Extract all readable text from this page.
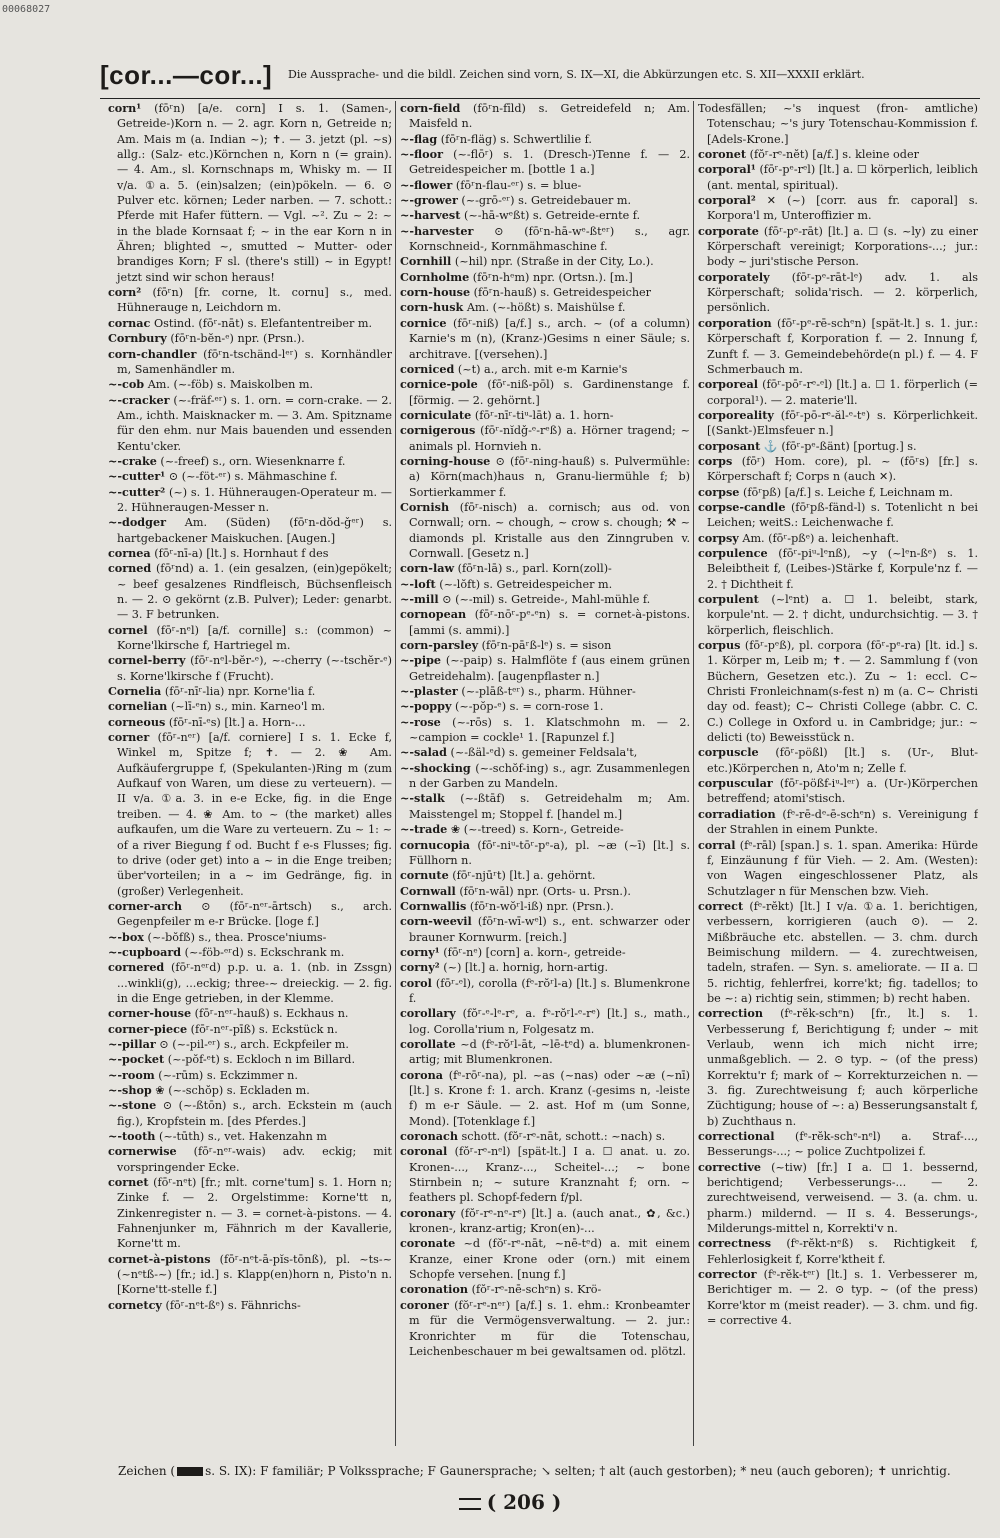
00068027
[cor...—cor...] Die Aussprache- und die bildl. Zeichen sind vorn, S. IX—XI, die Abkürzungen etc. S. XII—XXXII erklärt.

corn¹ (fōʳn) [a/e. corn] I s. 1. (Samen-, Getreide-)Korn n. — 2. agr. Korn n, Getreide n; Am. Mais m (a. Indian ~); ✝. — 3. jetzt (pl. ~s) allg.: (Salz- etc.)Körnchen n, Korn n (= grain). — 4. Am., sl. Kornschnaps m, Whisky m. — II v/a. ①a. 5. (ein)salzen; (ein)pökeln. — 6. ⊙ Pulver etc. körnen; Leder narben. — 7. schott.: Pferde mit Hafer füttern. — Vgl. ~². Zu ~ 2: ~ in the blade Kornsaat f; ~ in the ear Korn n in Ähren; blighted ~, smutted ~ Mutter- oder brandiges Korn; F sl. (there's still) ~ in Egypt! jetzt sind wir schon heraus!

corn² (fōʳn) [fr. corne, lt. cornu] s., med. Hühnerauge n, Leichdorn m.

cornac Ostind. (fōʳ-nāt) s. Elefantentreiber m.

Cornbury (fōʳn-bĕn-ᵉ) npr. (Prsn.).

corn-chandler (fōʳn-tschänd-lᵉʳ) s. Kornhändler m, Samenhändler m.

~-cob Am. (~-föb) s. Maiskolben m.

~-cracker (~-fräf-ᵉʳ) s. 1. orn. = corn-crake. — 2. Am., ichth. Maisknacker m. — 3. Am. Spitzname für den ehm. nur Mais bauenden und essenden Kentu'cker.

~-crake (~-freef) s., orn. Wiesenknarre f.

~-cutter¹ ⊙ (~-föt-ᵉʳ) s. Mähmaschine f.

~-cutter² (~) s. 1. Hühneraugen-Operateur m. — 2. Hühneraugen-Messer n.

~-dodger Am. (Süden) (fōʳn-dŏd-ǧᵉʳ) s. hartgebackener Maiskuchen. [Augen.]

cornea (fōʳ-nī-a) [lt.] s. Hornhaut f des

corned (fōʳnd) a. 1. (ein gesalzen, (ein)gepökelt; ~ beef gesalzenes Rindfleisch, Büchsenfleisch n. — 2. ⊙ gekörnt (z.B. Pulver); Leder: genarbt. — 3. F betrunken.

cornel (fōʳ-nᵉl) [a/f. cornille] s.: (common) ~ Korne'lkirsche f, Hartriegel m.

cornel-berry (fōʳ-nᵉl-bĕr-ᵉ), ~-cherry (~-tschĕr-ᵉ) s. Korne'lkirsche f (Frucht).

Cornelia (fōʳ-nīʳ-lia) npr. Korne'lia f.

cornelian (~lī-ᵉn) s., min. Karneo'l m.

corneous (fōʳ-nī-ᵉs) [lt.] a. Horn-...

corner (fōʳ-nᵉʳ) [a/f. corniere] I s. 1. Ecke f, Winkel m, Spitze f; ✝. — 2. ❀ Am. Aufkäufergruppe f, (Spekulanten-)Ring m (zum Aufkauf von Waren, um diese zu verteuern). — II v/a. ①a. 3. in e-e Ecke, fig. in die Enge treiben. — 4. ❀ Am. to ~ (the market) alles aufkaufen, um die Ware zu verteuern. Zu ~ 1: ~ of a river Biegung f od. Bucht f e-s Flusses; fig. to drive (oder get) into a ~ in die Enge treiben; über'vorteilen; in a ~ im Gedränge, fig. in (großer) Verlegenheit.

corner-arch ⊙ (fōʳ-nᵉʳ-ārtsch) s., arch. Gegenpfeiler m e-r Brücke. [loge f.]

~-box (~-bŏfß) s., thea. Prosce'niums-

~-cupboard (~-föb-ᵉʳd) s. Eckschrank m.

cornered (fōʳ-nᵉʳd) p.p. u. a. 1. (nb. in Zssgn) ...winkli(g), ...eckig; three-~ dreieckig. — 2. fig. in die Enge getrieben, in der Klemme.

corner-house (fōʳ-nᵉʳ-hauß) s. Eckhaus n.

corner-piece (fōʳ-nᵉʳ-pīß) s. Eckstück n.

~-pillar ⊙ (~-pil-ᵉʳ) s., arch. Eckpfeiler m.

~-pocket (~-pŏf-ᵉt) s. Eckloch n im Billard.

~-room (~-rūm) s. Eckzimmer n.

~-shop ❀ (~-schŏp) s. Eckladen m.

~-stone ⊙ (~-ßtōn) s., arch. Eckstein m (auch fig.), Kropfstein m. [des Pferdes.]

~-tooth (~-tūth) s., vet. Hakenzahn m

cornerwise (fōʳ-nᵉʳ-wais) adv. eckig; mit vorspringender Ecke.

cornet (fōʳ-nᵉt) [fr.; mlt. corne'tum] s. 1. Horn n; Zinke f. — 2. Orgelstimme: Korne'tt n, Zinkenregister n. — 3. = cornet-à-pistons. — 4. Fahnenjunker m, Fähnrich m der Kavallerie, Korne'tt m.

cornet-à-pistons (fōʳ-nᵉt-ā-pĭs-tōnß), pl. ~ts-~ (~nᵉtß-~) [fr.; id.] s. Klapp(en)horn n, Pisto'n n. [Korne'tt-stelle f.]

cornetcy (fōʳ-nᵉt-ßᵉ) s. Fähnrichs-

corn-field (fōʳn-fīld) s. Getreidefeld n; Am. Maisfeld n.

~-flag (fōʳn-fläg) s. Schwertlilie f.

~-floor (~-flōʳ) s. 1. (Dresch-)Tenne f. — 2. Getreidespeicher m. [bottle 1 a.]

~-flower (fōʳn-flau-ᵉʳ) s. = blue-

~-grower (~-grō-ᵉʳ) s. Getreidebauer m.

~-harvest (~-hā-wᵉßt) s. Getreide-ernte f.

~-harvester ⊙ (fōʳn-hā-wᵉ-ßtᵉʳ) s., agr. Kornschneid-, Kornmähmaschine f.

Cornhill (~hil) npr. (Straße in der City, Lo.).

Cornholme (fōʳn-hᵉm) npr. (Ortsn.). [m.]

corn-house (fōʳn-hauß) s. Getreidespeicher

corn-husk Am. (~-hößt) s. Maishülse f.

cornice (fōʳ-niß) [a/f.] s., arch. ~ (of a column) Karnie's m (n), (Kranz-)Gesims n einer Säule; s. architrave. [(versehen).]

corniced (~t) a., arch. mit e-m Karnie's

cornice-pole (fōʳ-niß-pōl) s. Gardinenstange f. [förmig. — 2. gehörnt.]

corniculate (fōʳ-nīʳ-tiᵘ-lāt) a. 1. horn-

cornigerous (fōʳ-nĭdǧ-ᵉ-rᵉß) a. Hörner tragend; ~ animals pl. Hornvieh n.

corning-house ⊙ (fōʳ-ning-hauß) s. Pulvermühle: a) Körn(mach)haus n, Granu-liermühle f; b) Sortierkammer f.

Cornish (fōʳ-nisch) a. cornisch; aus od. von Cornwall; orn. ~ chough, ~ crow s. chough; ⚒ ~ diamonds pl. Kristalle aus den Zinngruben v. Cornwall. [Gesetz n.]

corn-law (fōʳn-lā) s., parl. Korn(zoll)-

~-loft (~-lŏft) s. Getreidespeicher m.

~-mill ⊙ (~-mil) s. Getreide-, Mahl-mühle f.

cornopean (fōʳ-nōʳ-pᵉ-ᵉn) s. = cornet-à-pistons. [ammi (s. ammi).]

corn-parsley (fōʳn-pāʳß-lᵉ) s. = sison

~-pipe (~-paip) s. Halmflöte f (aus einem grünen Getreidehalm). [augenpflaster n.]

~-plaster (~-plāß-tᵉʳ) s., pharm. Hühner-

~-poppy (~-pŏp-ᵉ) s. = corn-rose 1.

~-rose (~-rōs) s. 1. Klatschmohn m. — 2. ~campion = cockle¹ 1. [Rapunzel f.]

~-salad (~-ßäl-ᵉd) s. gemeiner Feldsala't,

~-shocking (~-schŏf-ing) s., agr. Zusammenlegen n der Garben zu Mandeln.

~-stalk (~-ßtāf) s. Getreidehalm m; Am. Maisstengel m; Stoppel f. [handel m.]

~-trade ❀ (~-treed) s. Korn-, Getreide-

cornucopia (fōʳ-niᵘ-tōʳ-pᵉ-a), pl. ~æ (~ī) [lt.] s. Füllhorn n.

cornute (fōʳ-njūʳt) [lt.] a. gehörnt.

Cornwall (fōʳn-wāl) npr. (Orts- u. Prsn.).

Cornwallis (fōʳn-wŏʳl-iß) npr. (Prsn.).

corn-weevil (fōʳn-wī-wᵉl) s., ent. schwarzer oder brauner Kornwurm. [reich.]

corny¹ (fōʳ-nᵉ) [corn] a. korn-, getreide-

corny² (~) [lt.] a. hornig, horn-artig.

corol (fōʳ-ᵉl), corolla (fᵉ-rŏʳl-a) [lt.] s. Blumenkrone f.

corollary (fŏʳ-ᵉ-lᵉ-rᵉ, a. fᵉ-rŏʳl-ᵉ-rᵉ) [lt.] s., math., log. Corolla'rium n, Folgesatz m.

corollate ~d (fᵉ-rŏʳl-āt, ~lē-tᵉd) a. blumenkronen-artig; mit Blumenkronen.

corona (fᵉ-rōʳ-na), pl. ~as (~nas) oder ~æ (~nī) [lt.] s. Krone f: 1. arch. Kranz (-gesims n, -leiste f) m e-r Säule. — 2. ast. Hof m (um Sonne, Mond). [Totenklage f.]

coronach schott. (fŏʳ-rᵉ-nāt, schott.: ~nach) s.

coronal (fŏʳ-rᵉ-nᵉl) [spät-lt.] I a. ☐ anat. u. zo. Kronen-..., Kranz-..., Scheitel-...; ~ bone Stirnbein n; ~ suture Kranznaht f; orn. ~ feathers pl. Schopf-federn f/pl.

coronary (fŏʳ-rᵉ-nᵉ-rᵉ) [lt.] a. (auch anat., ✿, &c.) kronen-, kranz-artig; Kron(en)-...

coronate ~d (fŏʳ-rᵉ-nāt, ~nē-tᵉd) a. mit einem Kranze, einer Krone oder (orn.) mit einem Schopfe versehen. [nung f.]

coronation (fŏʳ-rᵉ-nē-schᵉn) s. Krö-

coroner (fŏʳ-rᵉ-nᵉʳ) [a/f.] s. 1. ehm.: Kronbeamter m für die Vermögensverwaltung. — 2. jur.: Kronrichter m für die Totenschau, Leichenbeschauer m bei gewaltsamen od. plötzl.

Todesfällen; ~'s inquest (fron- amtliche) Totenschau; ~'s jury Totenschau-Kommission f. [Adels-Krone.]

coronet (fŏʳ-rᵉ-nĕt) [a/f.] s. kleine oder

corporal¹ (fōʳ-pᵉ-rᵉl) [lt.] a. ☐ körperlich, leiblich (ant. mental, spiritual).

corporal² ✕ (~) [corr. aus fr. caporal] s. Korpora'l m, Unteroffizier m.

corporate (fōʳ-pᵉ-rāt) [lt.] a. ☐ (s. ~ly) zu einer Körperschaft vereinigt; Korporations-...; jur.: body ~ juri'stische Person.

corporately (fōʳ-pᵉ-rāt-lᵉ) adv. 1. als Körperschaft; solida'risch. — 2. körperlich, persönlich.

corporation (fōʳ-pᵉ-rē-schᵉn) [spät-lt.] s. 1. jur.: Körperschaft f, Korporation f. — 2. Innung f, Zunft f. — 3. Gemeindebehörde(n pl.) f. — 4. F Schmerbauch m.

corporeal (fōʳ-pōʳ-rᵉ-ᵉl) [lt.] a. ☐ 1. förperlich (= corporal¹). — 2. materie'll.

corporeality (fōʳ-pō-rᵉ-ăl-ᵉ-tᵉ) s. Körperlichkeit. [(Sankt-)Elmsfeuer n.]

corposant ⚓ (fōʳ-pᵉ-ßänt) [portug.] s.

corps (fōʳ) Hom. core), pl. ~ (fōʳs) [fr.] s. Körperschaft f; Corps n (auch ✕).

corpse (fōʳpß) [a/f.] s. Leiche f, Leichnam m.

corpse-candle (fōʳpß-fänd-l) s. Totenlicht n bei Leichen; weitS.: Leichenwache f.

corpsy Am. (fōʳ-pßᵉ) a. leichenhaft.

corpulence (fōʳ-piᵘ-lᵉnß), ~y (~lᵉn-ßᵉ) s. 1. Beleibtheit f, (Leibes-)Stärke f, Korpule'nz f. — 2. † Dichtheit f.

corpulent (~lᵉnt) a. ☐ 1. beleibt, stark, korpule'nt. — 2. † dicht, undurchsichtig. — 3. † körperlich, fleischlich.

corpus (fōʳ-pᵉß), pl. corpora (fōʳ-pᵉ-ra) [lt. id.] s. 1. Körper m, Leib m; ✝. — 2. Sammlung f (von Büchern, Gesetzen etc.). Zu ~ 1: eccl. C~ Christi Fronleichnam(s-fest n) m (a. C~ Christi day od. feast); C~ Christi College (abbr. C. C. C.) College in Oxford u. in Cambridge; jur.: ~ delicti (to) Beweisstück n.

corpuscle (fōʳ-pößl) [lt.] s. (Ur-, Blut- etc.)Körperchen n, Ato'm n; Zelle f.

corpuscular (fōʳ-pößf-iᵘ-lᵉʳ) a. (Ur-)Körperchen betreffend; atomi'stisch.

corradiation (fᵉ-rē-dᵉ-ē-schᵉn) s. Vereinigung f der Strahlen in einem Punkte.

corral (fᵉ-rāl) [span.] s. 1. span. Amerika: Hürde f, Einzäunung f für Vieh. — 2. Am. (Westen): von Wagen eingeschlossener Platz, als Schutzlager n für Menschen bzw. Vieh.

correct (fᵉ-rĕkt) [lt.] I v/a. ①a. 1. berichtigen, verbessern, korrigieren (auch ⊙). — 2. Mißbräuche etc. abstellen. — 3. chm. durch Beimischung mildern. — 4. zurechtweisen, tadeln, strafen. — Syn. s. ameliorate. — II a. ☐ 5. richtig, fehlerfrei, korre'kt; fig. tadellos; to be ~: a) richtig sein, stimmen; b) recht haben.

correction (fᵉ-rĕk-schᵉn) [fr., lt.] s. 1. Verbesserung f, Berichtigung f; under ~ mit Verlaub, wenn ich mich nicht irre; unmaßgeblich. — 2. ⊙ typ. ~ (of the press) Korrektu'r f; mark of ~ Korrekturzeichen n. — 3. fig. Zurechtweisung f; auch körperliche Züchtigung; house of ~: a) Besserungsanstalt f, b) Zuchthaus n.

correctional (fᵉ-rĕk-schᵉ-nᵉl) a. Straf-..., Besserungs-...; ~ police Zuchtpolizei f.

corrective (~tiw) [fr.] I a. ☐ 1. bessernd, berichtigend; Verbesserungs-... — 2. zurechtweisend, verweisend. — 3. (a. chm. u. pharm.) mildernd. — II s. 4. Besserungs-, Milderungs-mittel n, Korrekti'v n.

correctness (fᵉ-rĕkt-nᵉß) s. Richtigkeit f, Fehlerlosigkeit f, Korre'ktheit f.

corrector (fᵉ-rĕk-tᵉʳ) [lt.] s. 1. Verbesserer m, Berichtiger m. — 2. ⊙ typ. ~ (of the press) Korre'ktor m (meist reader). — 3. chm. und fig. = corrective 4.

Zeichen (	s. S. IX): F familiär; P Volkssprache; F Gaunersprache; ↘ selten; † alt (auch gestorben); * neu (auch geboren); ✝ unrichtig.
( 206 )
